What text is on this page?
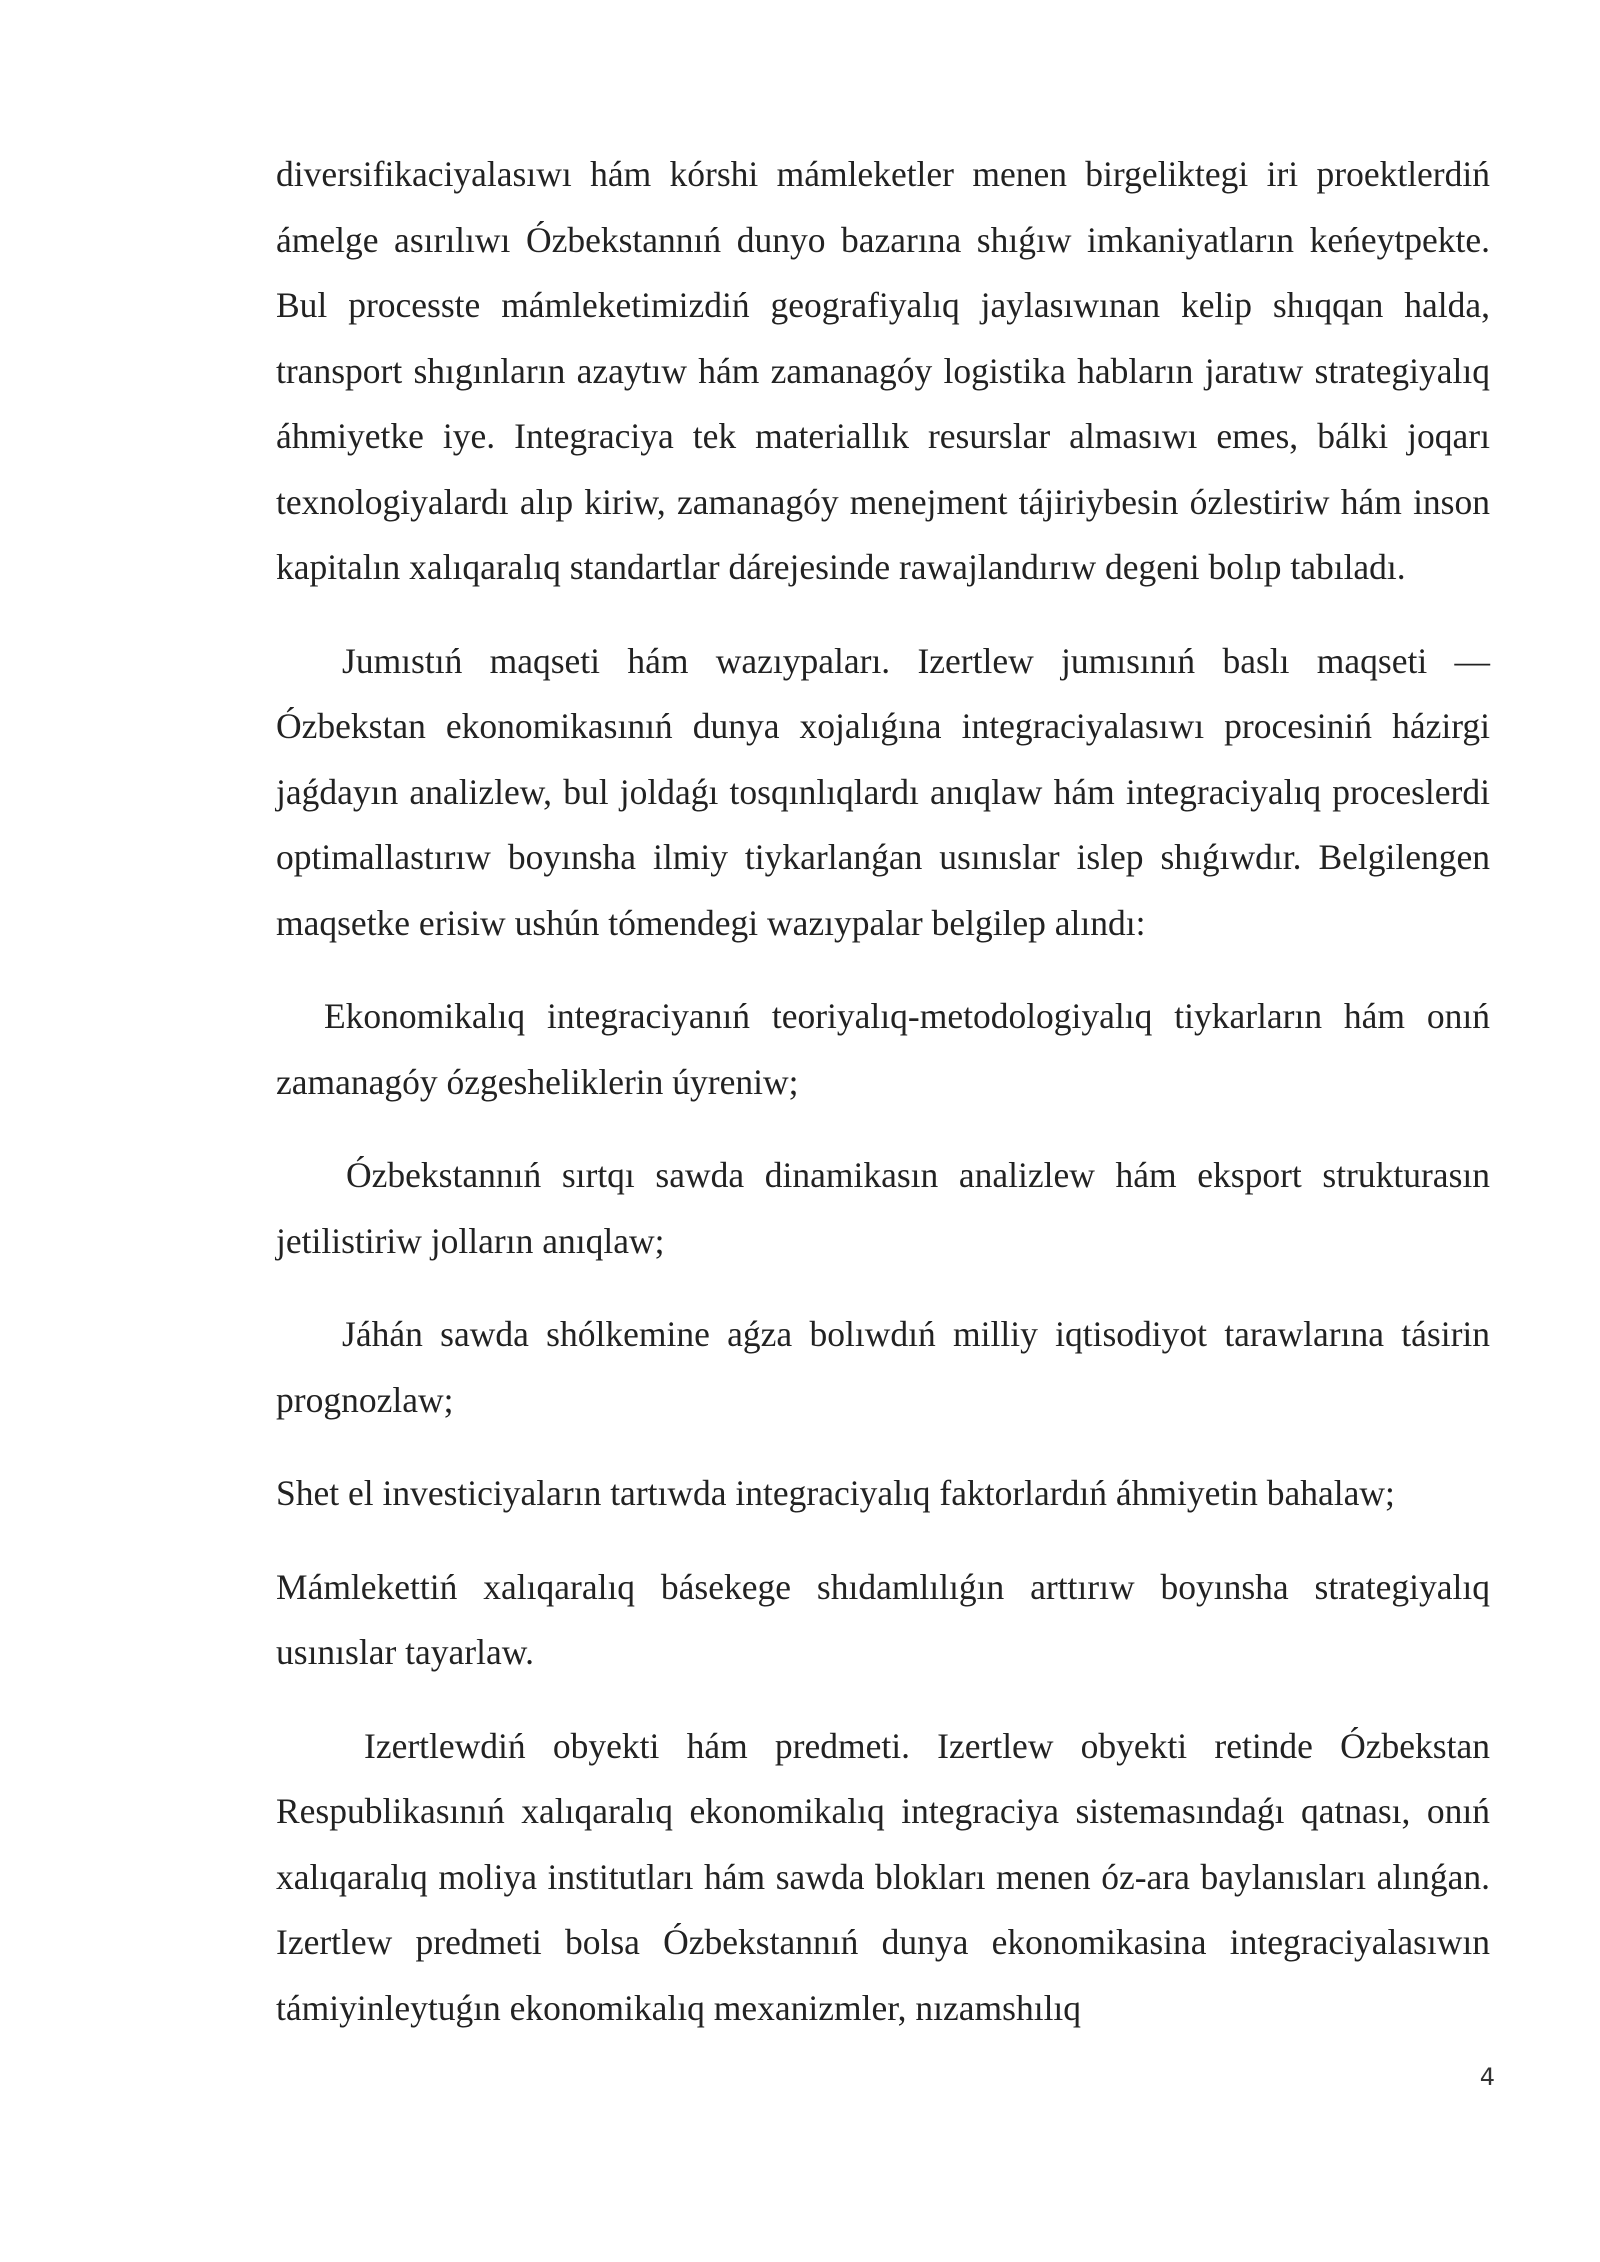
diversifikaciyalasıwı hám kórshi mámleketler menen birgeliktegi iri proektlerdiń ámelge asırılıwı Ózbekstannıń dunyo bazarına shıǵıw imkaniyatların keńeytpekte. Bul processte mámleketimizdiń geografiyalıq jaylasıwınan kelip shıqqan halda, transport shıgınların azaytıw hám zamanagóy logistika habların jaratıw strategiyalıq áhmiyetke iye. Integraciya tek materiallık resurslar almasıwı emes, bálki joqarı texnologiyalardı alıp kiriw, zamanagóy menejment tájiriybesin ózlestiriw hám inson kapitalın xalıqaralıq standartlar dárejesinde rawajlandırıw degeni bolıp tabıladı.

Jumıstıń maqseti hám wazıypaları. Izertlew jumısınıń baslı maqseti — Ózbekstan ekonomikasınıń dunya xojalıǵına integraciyalasıwı procesiniń házirgi jaǵdayın analizlew, bul joldaǵı tosqınlıqlardı anıqlaw hám integraciyalıq proceslerdi optimallastırıw boyınsha ilmiy tiykarlanǵan usınıslar islep shıǵıwdır. Belgilengen maqsetke erisiw ushún tómendegi wazıypalar belgilep alındı:

Ekonomikalıq integraciyanıń teoriyalıq-metodologiyalıq tiykarların hám onıń zamanagóy ózgesheliklerin úyreniw;

Ózbekstannıń sırtqı sawda dinamikasın analizlew hám eksport strukturasın jetilistiriw jolların anıqlaw;

Jáhán sawda shólkemine aǵza bolıwdıń milliy iqtisodiyot tarawlarına tásirin prognozlaw;

Shet el investiciyaların tartıwda integraciyalıq faktorlardıń áhmiyetin bahalaw;

Mámlekettiń xalıqaralıq básekege shıdamlılıǵın arttırıw boyınsha strategiyalıq usınıslar tayarlaw.

Izertlewdiń obyekti hám predmeti. Izertlew obyekti retinde Ózbekstan Respublikasınıń xalıqaralıq ekonomikalıq integraciya sistemasındaǵı qatnası, onıń xalıqaralıq moliya institutları hám sawda blokları menen óz-ara baylanısları alınǵan. Izertlew predmeti bolsa Ózbekstannıń dunya ekonomikasina integraciyalasıwın támiyinleytuǵın ekonomikalıq mexanizmler, nızamshılıq

4
